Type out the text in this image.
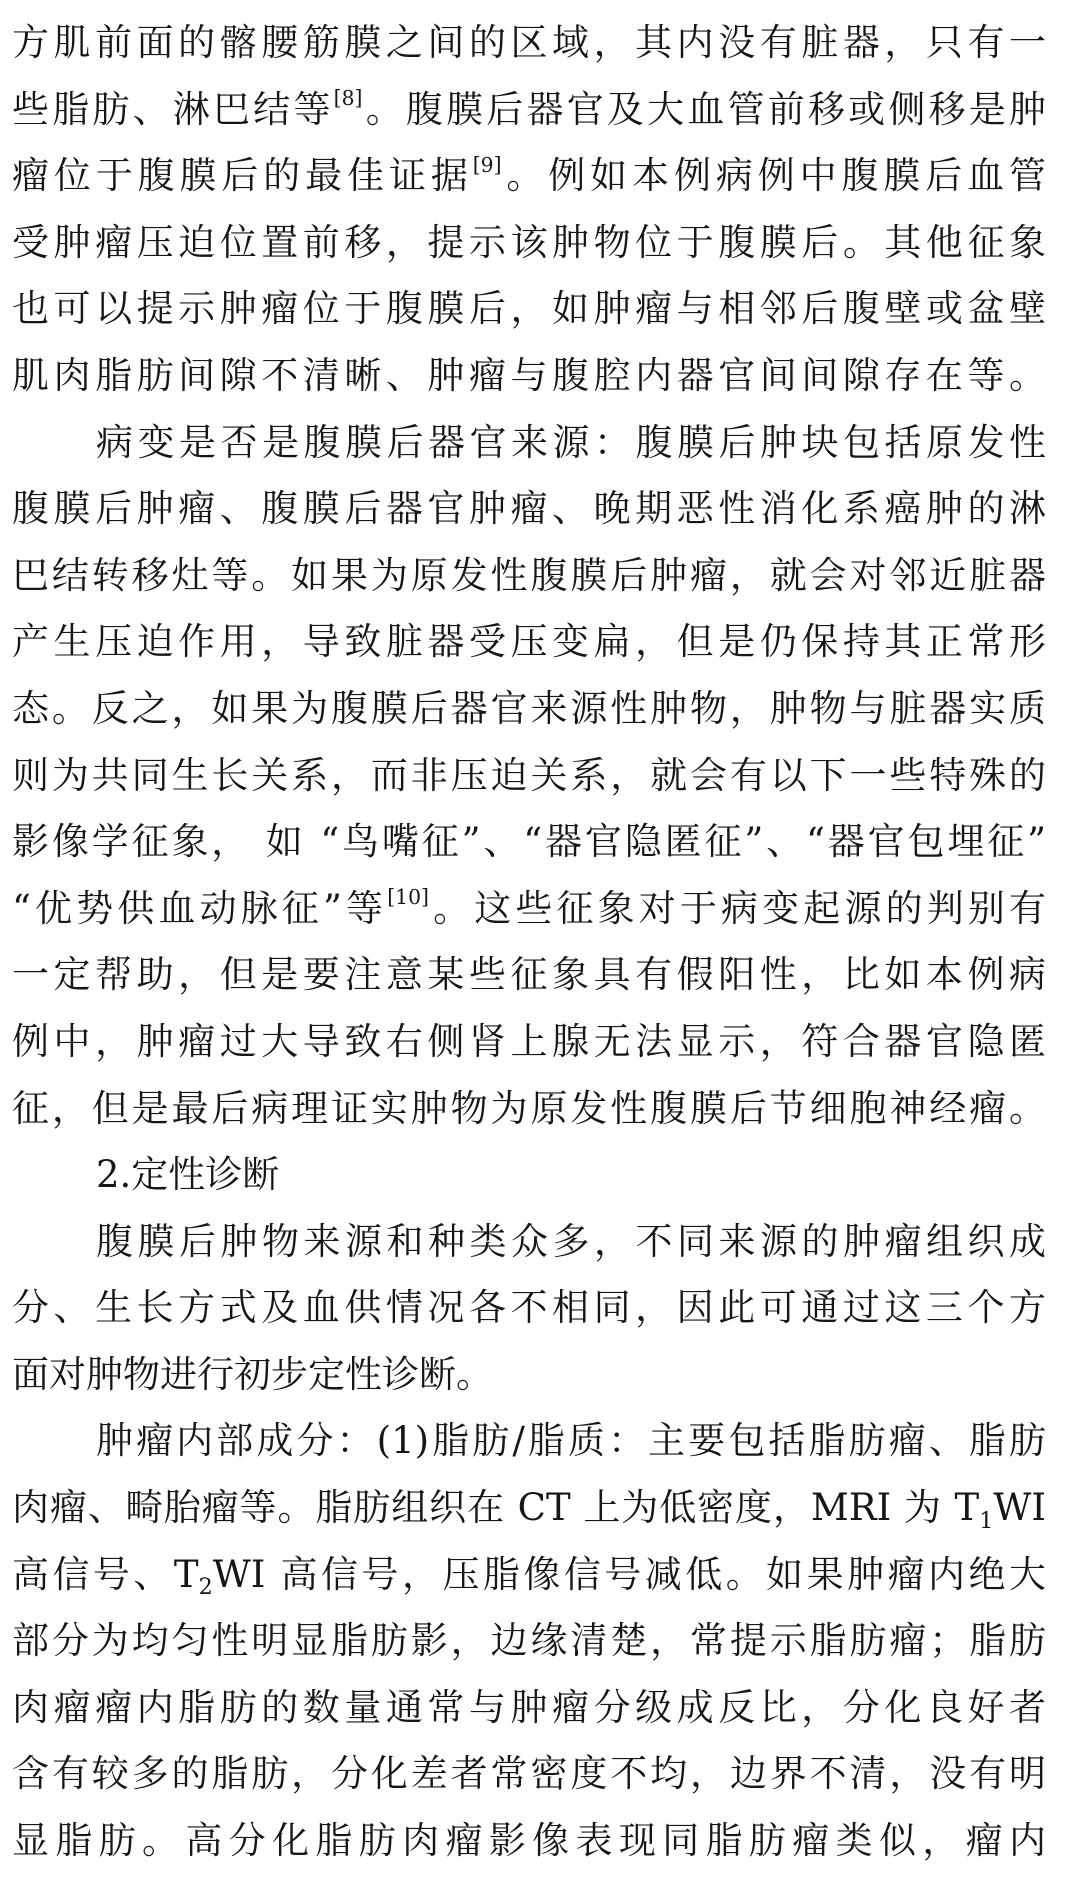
方肌前面的髂腰筋膜之间的区域，其内没有脏器，只有一
些脂肪、淋巴结等[8]。腹膜后器官及大血管前移或侧移是肿
瘤位于腹膜后的最佳证据[9]。例如本例病例中腹膜后血管
受肿瘤压迫位置前移，提示该肿物位于腹膜后。其他征象
也可以提示肿瘤位于腹膜后，如肿瘤与相邻后腹壁或盆壁
肌肉脂肪间隙不清晰、肿瘤与腹腔内器官间间隙存在等。
病变是否是腹膜后器官来源：腹膜后肿块包括原发性
腹膜后肿瘤、腹膜后器官肿瘤、晚期恶性消化系癌肿的淋
巴结转移灶等。如果为原发性腹膜后肿瘤，就会对邻近脏器
产生压迫作用，导致脏器受压变扁，但是仍保持其正常形
态。反之，如果为腹膜后器官来源性肿物，肿物与脏器实质
则为共同生长关系，而非压迫关系，就会有以下一些特殊的
影像学征象， 如 “鸟嘴征”、“器官隐匿征”、“器官包埋征”
“优势供血动脉征”等[10]。这些征象对于病变起源的判别有
一定帮助，但是要注意某些征象具有假阳性，比如本例病
例中，肿瘤过大导致右侧肾上腺无法显示，符合器官隐匿
征，但是最后病理证实肿物为原发性腹膜后节细胞神经瘤。
2.定性诊断
腹膜后肿物来源和种类众多，不同来源的肿瘤组织成
分、生长方式及血供情况各不相同，因此可通过这三个方
面对肿物进行初步定性诊断。
肿瘤内部成分：(1)脂肪/脂质：主要包括脂肪瘤、脂肪
肉瘤、畸胎瘤等。脂肪组织在 CT 上为低密度，MRI 为 $T_1WI$
高信号、$T_2WI$ 高信号，压脂像信号减低。如果肿瘤内绝大
部分为均匀性明显脂肪影，边缘清楚，常提示脂肪瘤；脂肪
肉瘤瘤内脂肪的数量通常与肿瘤分级成反比，分化良好者
含有较多的脂肪，分化差者常密度不均，边界不清，没有明
显脂肪。高分化脂肪肉瘤影像表现同脂肪瘤类似，瘤内
